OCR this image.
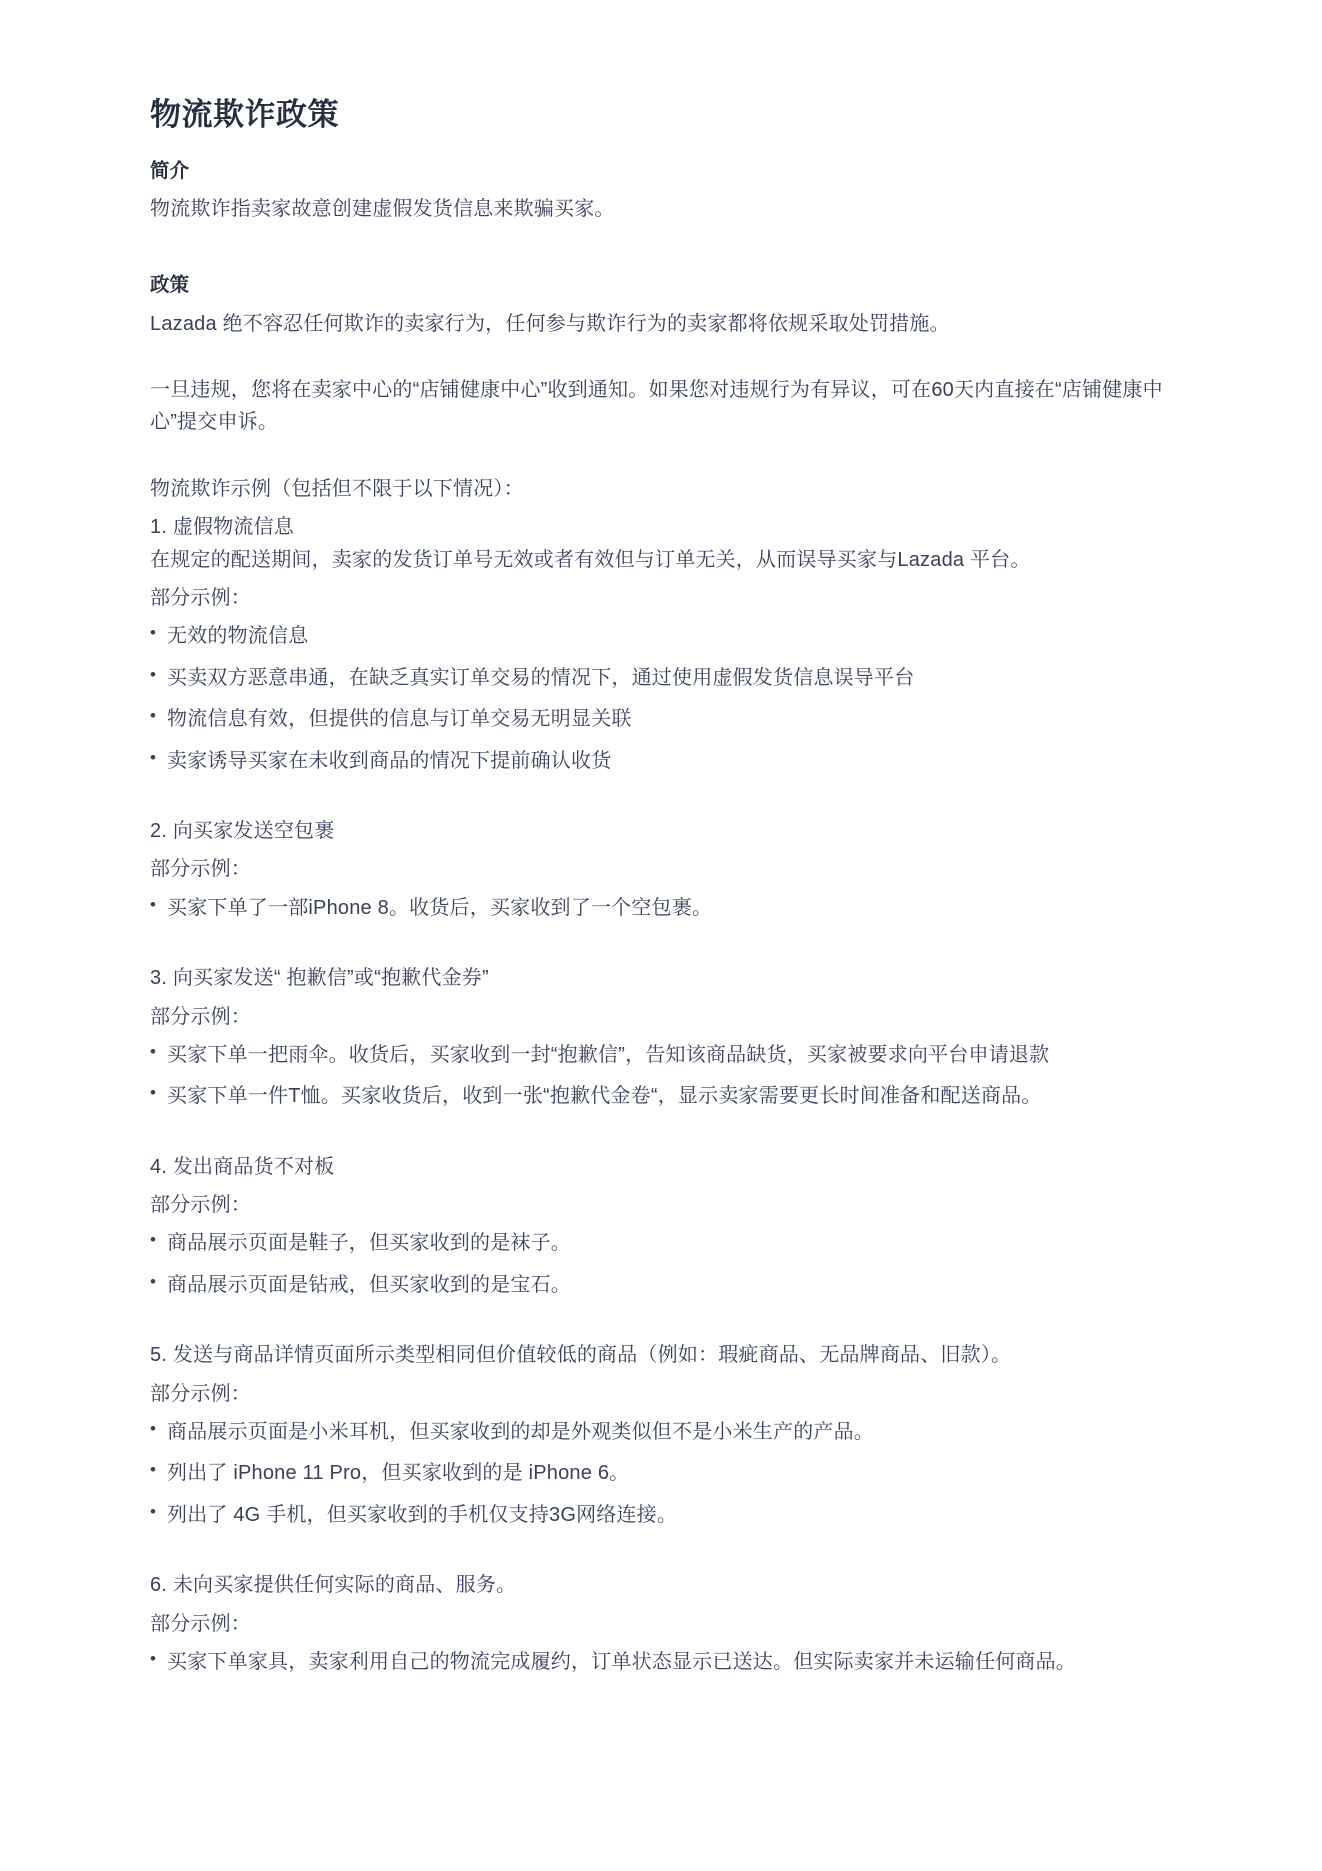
物流欺诈政策
简介

物流欺诈指卖家故意创建虚假发货信息来欺骗买家。

政策

Lazada 绝不容忍任何欺诈的卖家行为，任何参与欺诈行为的卖家都将依规采取处罚措施。

一旦违规，您将在卖家中心的“店铺健康中心”收到通知。如果您对违规行为有异议，可在60天内直接在“店铺健康中心”提交申诉。

物流欺诈示例（包括但不限于以下情况）：

1. 虚假物流信息

在规定的配送期间，卖家的发货订单号无效或者有效但与订单无关，从而误导买家与Lazada 平台。

部分示例：

• 无效的物流信息
• 买卖双方恶意串通，在缺乏真实订单交易的情况下，通过使用虚假发货信息误导平台
• 物流信息有效，但提供的信息与订单交易无明显关联
• 卖家诱导买家在未收到商品的情况下提前确认收货

2. 向买家发送空包裹

部分示例：

• 买家下单了一部iPhone 8。收货后，买家收到了一个空包裹。

3. 向买家发送“ 抱歉信”或“抱歉代金券”

部分示例：

• 买家下单一把雨伞。收货后，买家收到一封“抱歉信”，告知该商品缺货，买家被要求向平台申请退款
• 买家下单一件T恤。买家收货后，收到一张“抱歉代金卷“，显示卖家需要更长时间准备和配送商品。

4. 发出商品货不对板

部分示例：

• 商品展示页面是鞋子，但买家收到的是袜子。
• 商品展示页面是钻戒，但买家收到的是宝石。

5. 发送与商品详情页面所示类型相同但价值较低的商品（例如：瑕疵商品、无品牌商品、旧款）。

部分示例：

• 商品展示页面是小米耳机，但买家收到的却是外观类似但不是小米生产的产品。
• 列出了 iPhone 11 Pro，但买家收到的是 iPhone 6。
• 列出了 4G 手机，但买家收到的手机仅支持3G网络连接。

6. 未向买家提供任何实际的商品、服务。

部分示例：

• 买家下单家具，卖家利用自己的物流完成履约，订单状态显示已送达。但实际卖家并未运输任何商品。
